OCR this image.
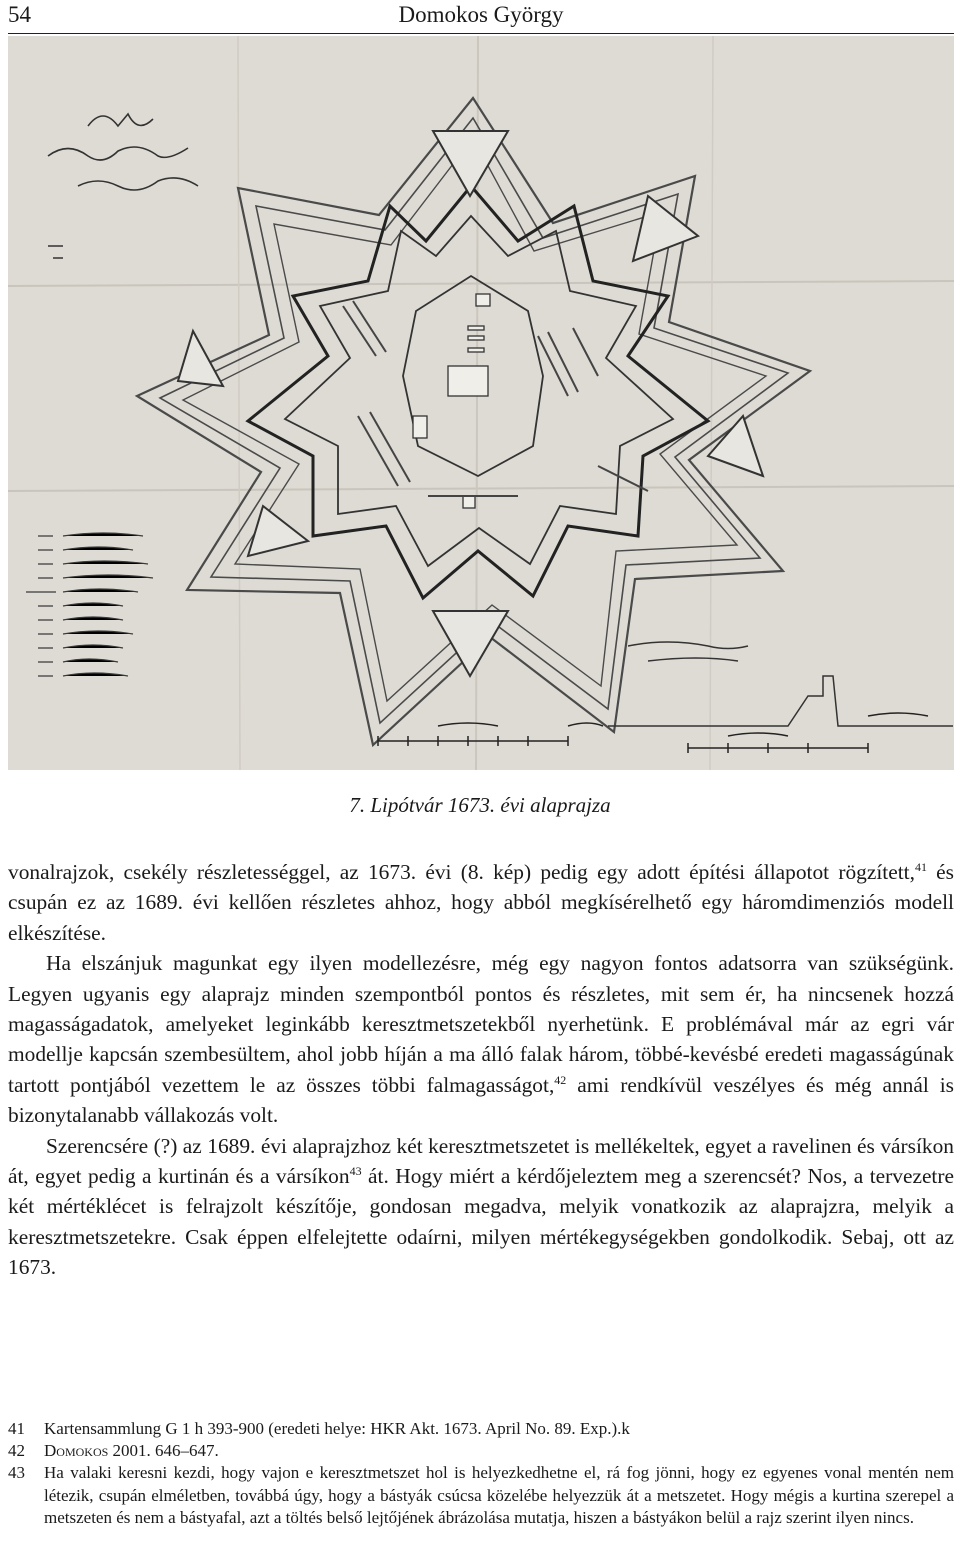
54	Domokos György
7. Lipótvár 1673. évi alaprajza

vonalrajzok, csekély részletességgel, az 1673. évi (8. kép) pedig egy adott építési állapotot rögzített,$^{41}$ és csupán ez az 1689. évi kellően részletes ahhoz, hogy abból megkísérelhető egy háromdimenziós modell elkészítése.

Ha elszánjuk magunkat egy ilyen modellezésre, még egy nagyon fontos adatsorra van szükségünk. Legyen ugyanis egy alaprajz minden szempontból pontos és részletes, mit sem ér, ha nincsenek hozzá magasságadatok, amelyeket leginkább keresztmetszetekből nyerhetünk. E problémával már az egri vár modellje kapcsán szembesültem, ahol jobb híján a ma álló falak három, többé-kevésbé eredeti magasságúnak tartott pontjából vezettem le az összes többi falmagasságot,$^{42}$ ami rendkívül veszélyes és még annál is bizonytalanabb vállakozás volt.

Szerencsére (?) az 1689. évi alaprajzhoz két keresztmetszetet is mellékeltek, egyet a ravelinen és vársíkon át, egyet pedig a kurtinán és a vársíkon$^{43}$ át. Hogy miért a kérdőjeleztem meg a szerencsét? Nos, a tervezetre két mértéklécet is felrajzolt készítője, gondosan megadva, melyik vonatkozik az alaprajzra, melyik a keresztmetszetekre. Csak éppen elfelejtette odaírni, milyen mértékegységekben gondolkodik. Sebaj, ott az 1673.

41 Kartensammlung G 1 h 393-900 (eredeti helye: HKR Akt. 1673. April No. 89. Exp.).k
42 Domokos 2001. 646–647.
43 Ha valaki keresni kezdi, hogy vajon e keresztmetszet hol is helyezkedhetne el, rá fog jönni, hogy ez egyenes vonal mentén nem létezik, csupán elméletben, továbbá úgy, hogy a bástyák csúcsa közelébe helyezzük át a metszetet. Hogy mégis a kurtina szerepel a metszeten és nem a bástyafal, azt a töltés belső lejtőjének ábrázolása mutatja, hiszen a bástyákon belül a rajz szerint ilyen nincs.
